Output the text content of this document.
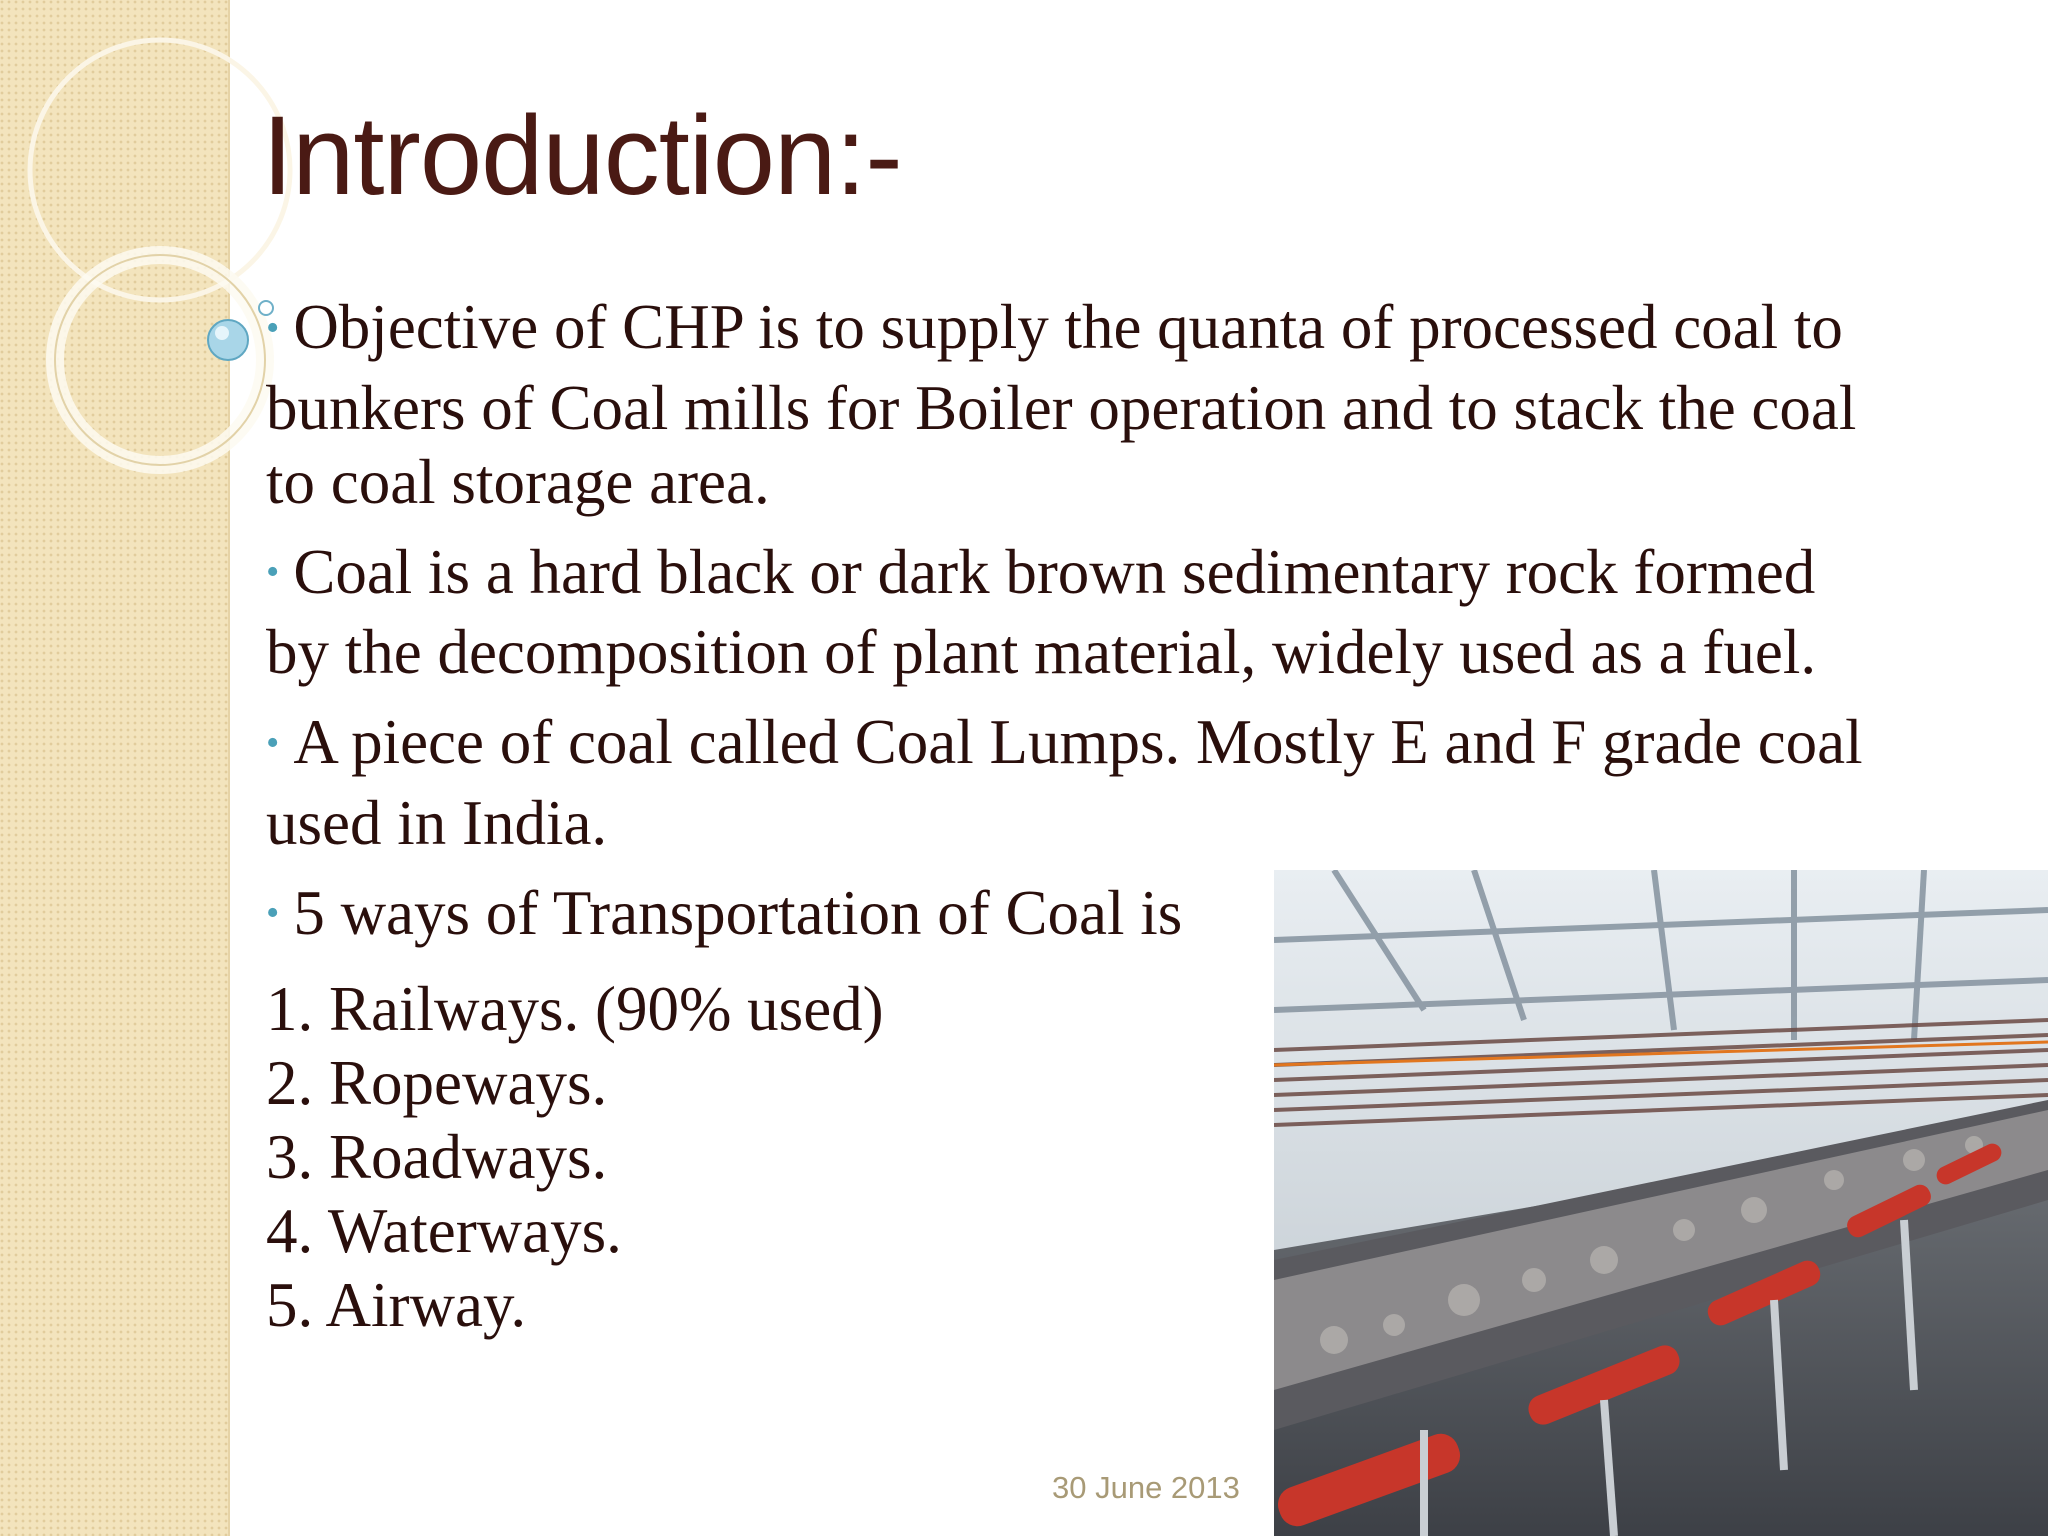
Introduction:-

• Objective of CHP is to supply the quanta of processed coal to bunkers of Coal mills for Boiler operation and to stack the coal to coal storage area.

• Coal is a hard black or dark brown sedimentary rock formed by the decomposition of plant material, widely used as a fuel.

• A piece of coal called Coal Lumps. Mostly E and F grade coal used in India.

• 5 ways of Transportation of Coal is

1. Railways. (90% used)
2. Ropeways.
3. Roadways.
4. Waterways.
5. Airway.
30 June 2013
